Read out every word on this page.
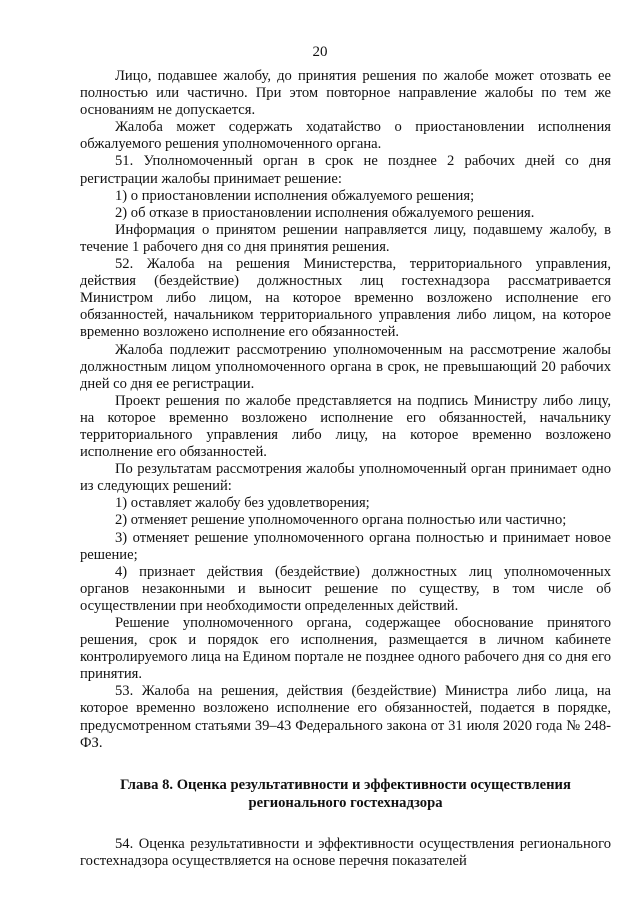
20

Лицо, подавшее жалобу, до принятия решения по жалобе может отозвать ее полностью или частично. При этом повторное направление жалобы по тем же основаниям не допускается.

Жалоба может содержать ходатайство о приостановлении исполнения обжалуемого решения уполномоченного органа.

51. Уполномоченный орган в срок не позднее 2 рабочих дней со дня регистрации жалобы принимает решение:

1) о приостановлении исполнения обжалуемого решения;

2) об отказе в приостановлении исполнения обжалуемого решения.

Информация о принятом решении направляется лицу, подавшему жалобу, в течение 1 рабочего дня со дня принятия решения.

52. Жалоба на решения Министерства, территориального управления, действия (бездействие) должностных лиц гостехнадзора рассматривается Министром либо лицом, на которое временно возложено исполнение его обязанностей, начальником территориального управления либо лицом, на которое временно возложено исполнение его обязанностей.

Жалоба подлежит рассмотрению уполномоченным на рассмотрение жалобы должностным лицом уполномоченного органа в срок, не превышающий 20 рабочих дней со дня ее регистрации.

Проект решения по жалобе представляется на подпись Министру либо лицу, на которое временно возложено исполнение его обязанностей, начальнику территориального управления либо лицу, на которое временно возложено исполнение его обязанностей.

По результатам рассмотрения жалобы уполномоченный орган принимает одно из следующих решений:

1) оставляет жалобу без удовлетворения;

2) отменяет решение уполномоченного органа полностью или частично;

3) отменяет решение уполномоченного органа полностью и принимает новое решение;

4) признает действия (бездействие) должностных лиц уполномоченных органов незаконными и выносит решение по существу, в том числе об осуществлении при необходимости определенных действий.

Решение уполномоченного органа, содержащее обоснование принятого решения, срок и порядок его исполнения, размещается в личном кабинете контролируемого лица на Едином портале не позднее одного рабочего дня со дня его принятия.

53. Жалоба на решения, действия (бездействие) Министра либо лица, на которое временно возложено исполнение его обязанностей, подается в порядке, предусмотренном статьями 39–43 Федерального закона от 31 июля 2020 года № 248-ФЗ.

Глава 8. Оценка результативности и эффективности осуществления
регионального гостехнадзора

54. Оценка результативности и эффективности осуществления регионального гостехнадзора осуществляется на основе перечня показателей
